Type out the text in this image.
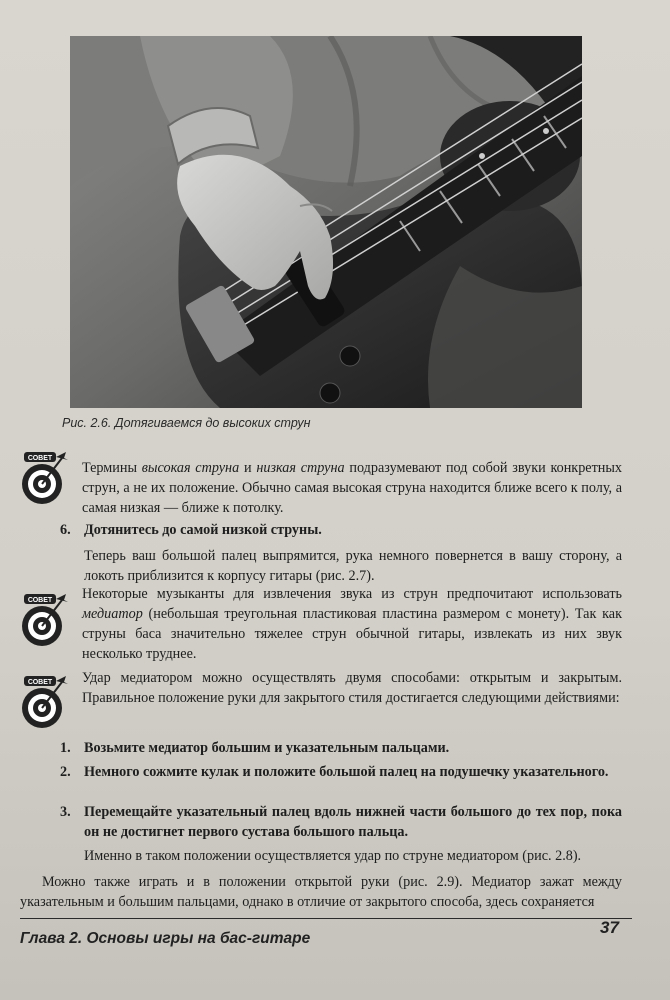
Рис. 2.6. Дотягиваемся до высоких струн
СОВЕТ

Термины высокая струна и низкая струна подразумевают под собой звуки конкретных струн, а не их положение. Обычно самая высокая струна находится ближе всего к полу, а самая низкая — ближе к потолку.

6. Дотянитесь до самой низкой струны.
Теперь ваш большой палец выпрямится, рука немного повернется в вашу сторону, а локоть приблизится к корпусу гитары (рис. 2.7).
СОВЕТ Некоторые музыканты для извлечения звука из струн предпочитают использовать медиатор (небольшая треугольная пластиковая пластина размером с монету). Так как струны баса значительно тяжелее струн обычной гитары, извлекать из них звук несколько труднее.

СОВЕТ Удар медиатором можно осуществлять двумя способами: открытым и закрытым. Правильное положение руки для закрытого стиля достигается следующими действиями:
1. Возьмите медиатор большим и указательным пальцами.
2. Немного сожмите кулак и положите большой палец на подушечку указательного.
3. Перемещайте указательный палец вдоль нижней части большого до тех пор, пока он не достигнет первого сустава большого пальца.
Именно в таком положении осуществляется удар по струне медиатором (рис. 2.8).
Можно также играть и в положении открытой руки (рис. 2.9). Медиатор зажат между указательным и большим пальцами, однако в отличие от закрытого способа, здесь сохраняется
Глава 2. Основы игры на бас-гитаре
37
